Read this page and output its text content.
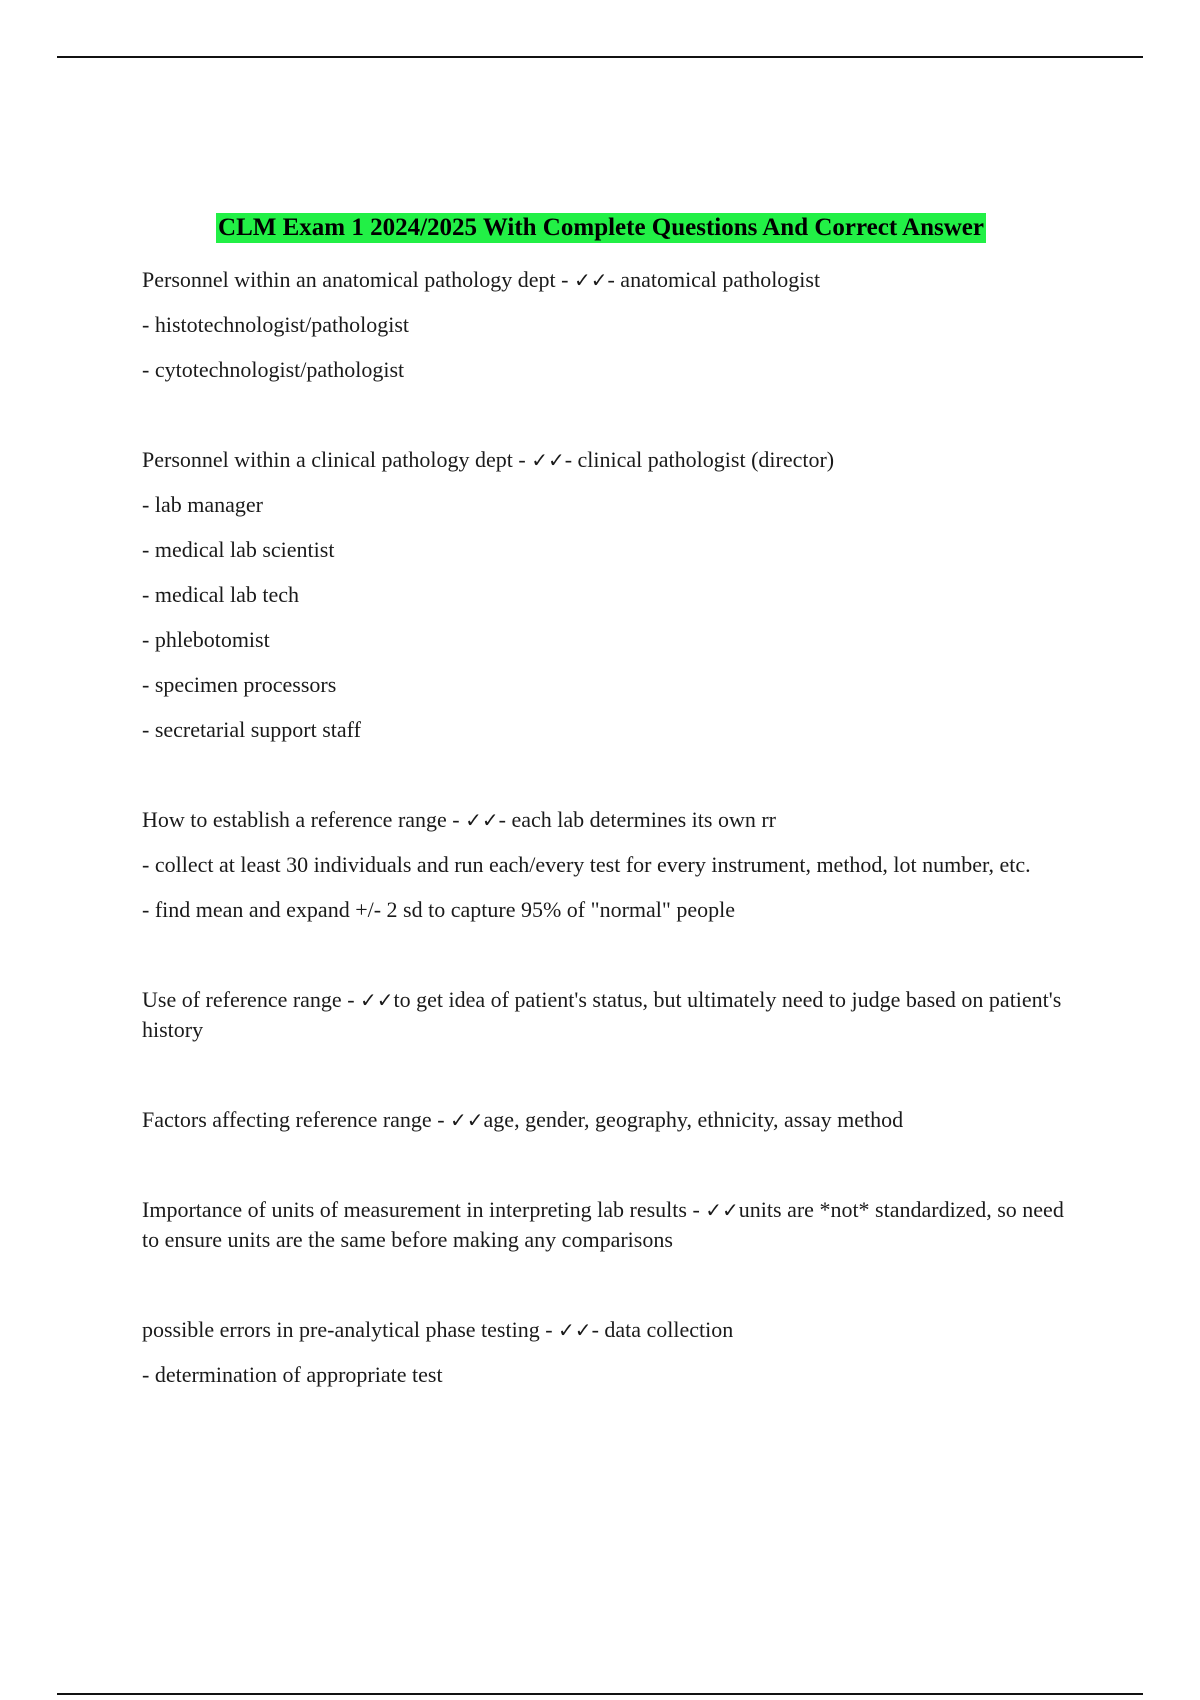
CLM Exam 1 2024/2025 With Complete Questions And Correct Answer
Personnel within an anatomical pathology dept - ✓✓- anatomical pathologist
- histotechnologist/pathologist
- cytotechnologist/pathologist
Personnel within a clinical pathology dept - ✓✓- clinical pathologist (director)
- lab manager
- medical lab scientist
- medical lab tech
- phlebotomist
- specimen processors
- secretarial support staff
How to establish a reference range - ✓✓- each lab determines its own rr
- collect at least 30 individuals and run each/every test for every instrument, method, lot number, etc.
- find mean and expand +/- 2 sd to capture 95% of "normal" people
Use of reference range - ✓✓to get idea of patient's status, but ultimately need to judge based on patient's history
Factors affecting reference range - ✓✓age, gender, geography, ethnicity, assay method
Importance of units of measurement in interpreting lab results - ✓✓units are *not* standardized, so need to ensure units are the same before making any comparisons
possible errors in pre-analytical phase testing - ✓✓- data collection
- determination of appropriate test
